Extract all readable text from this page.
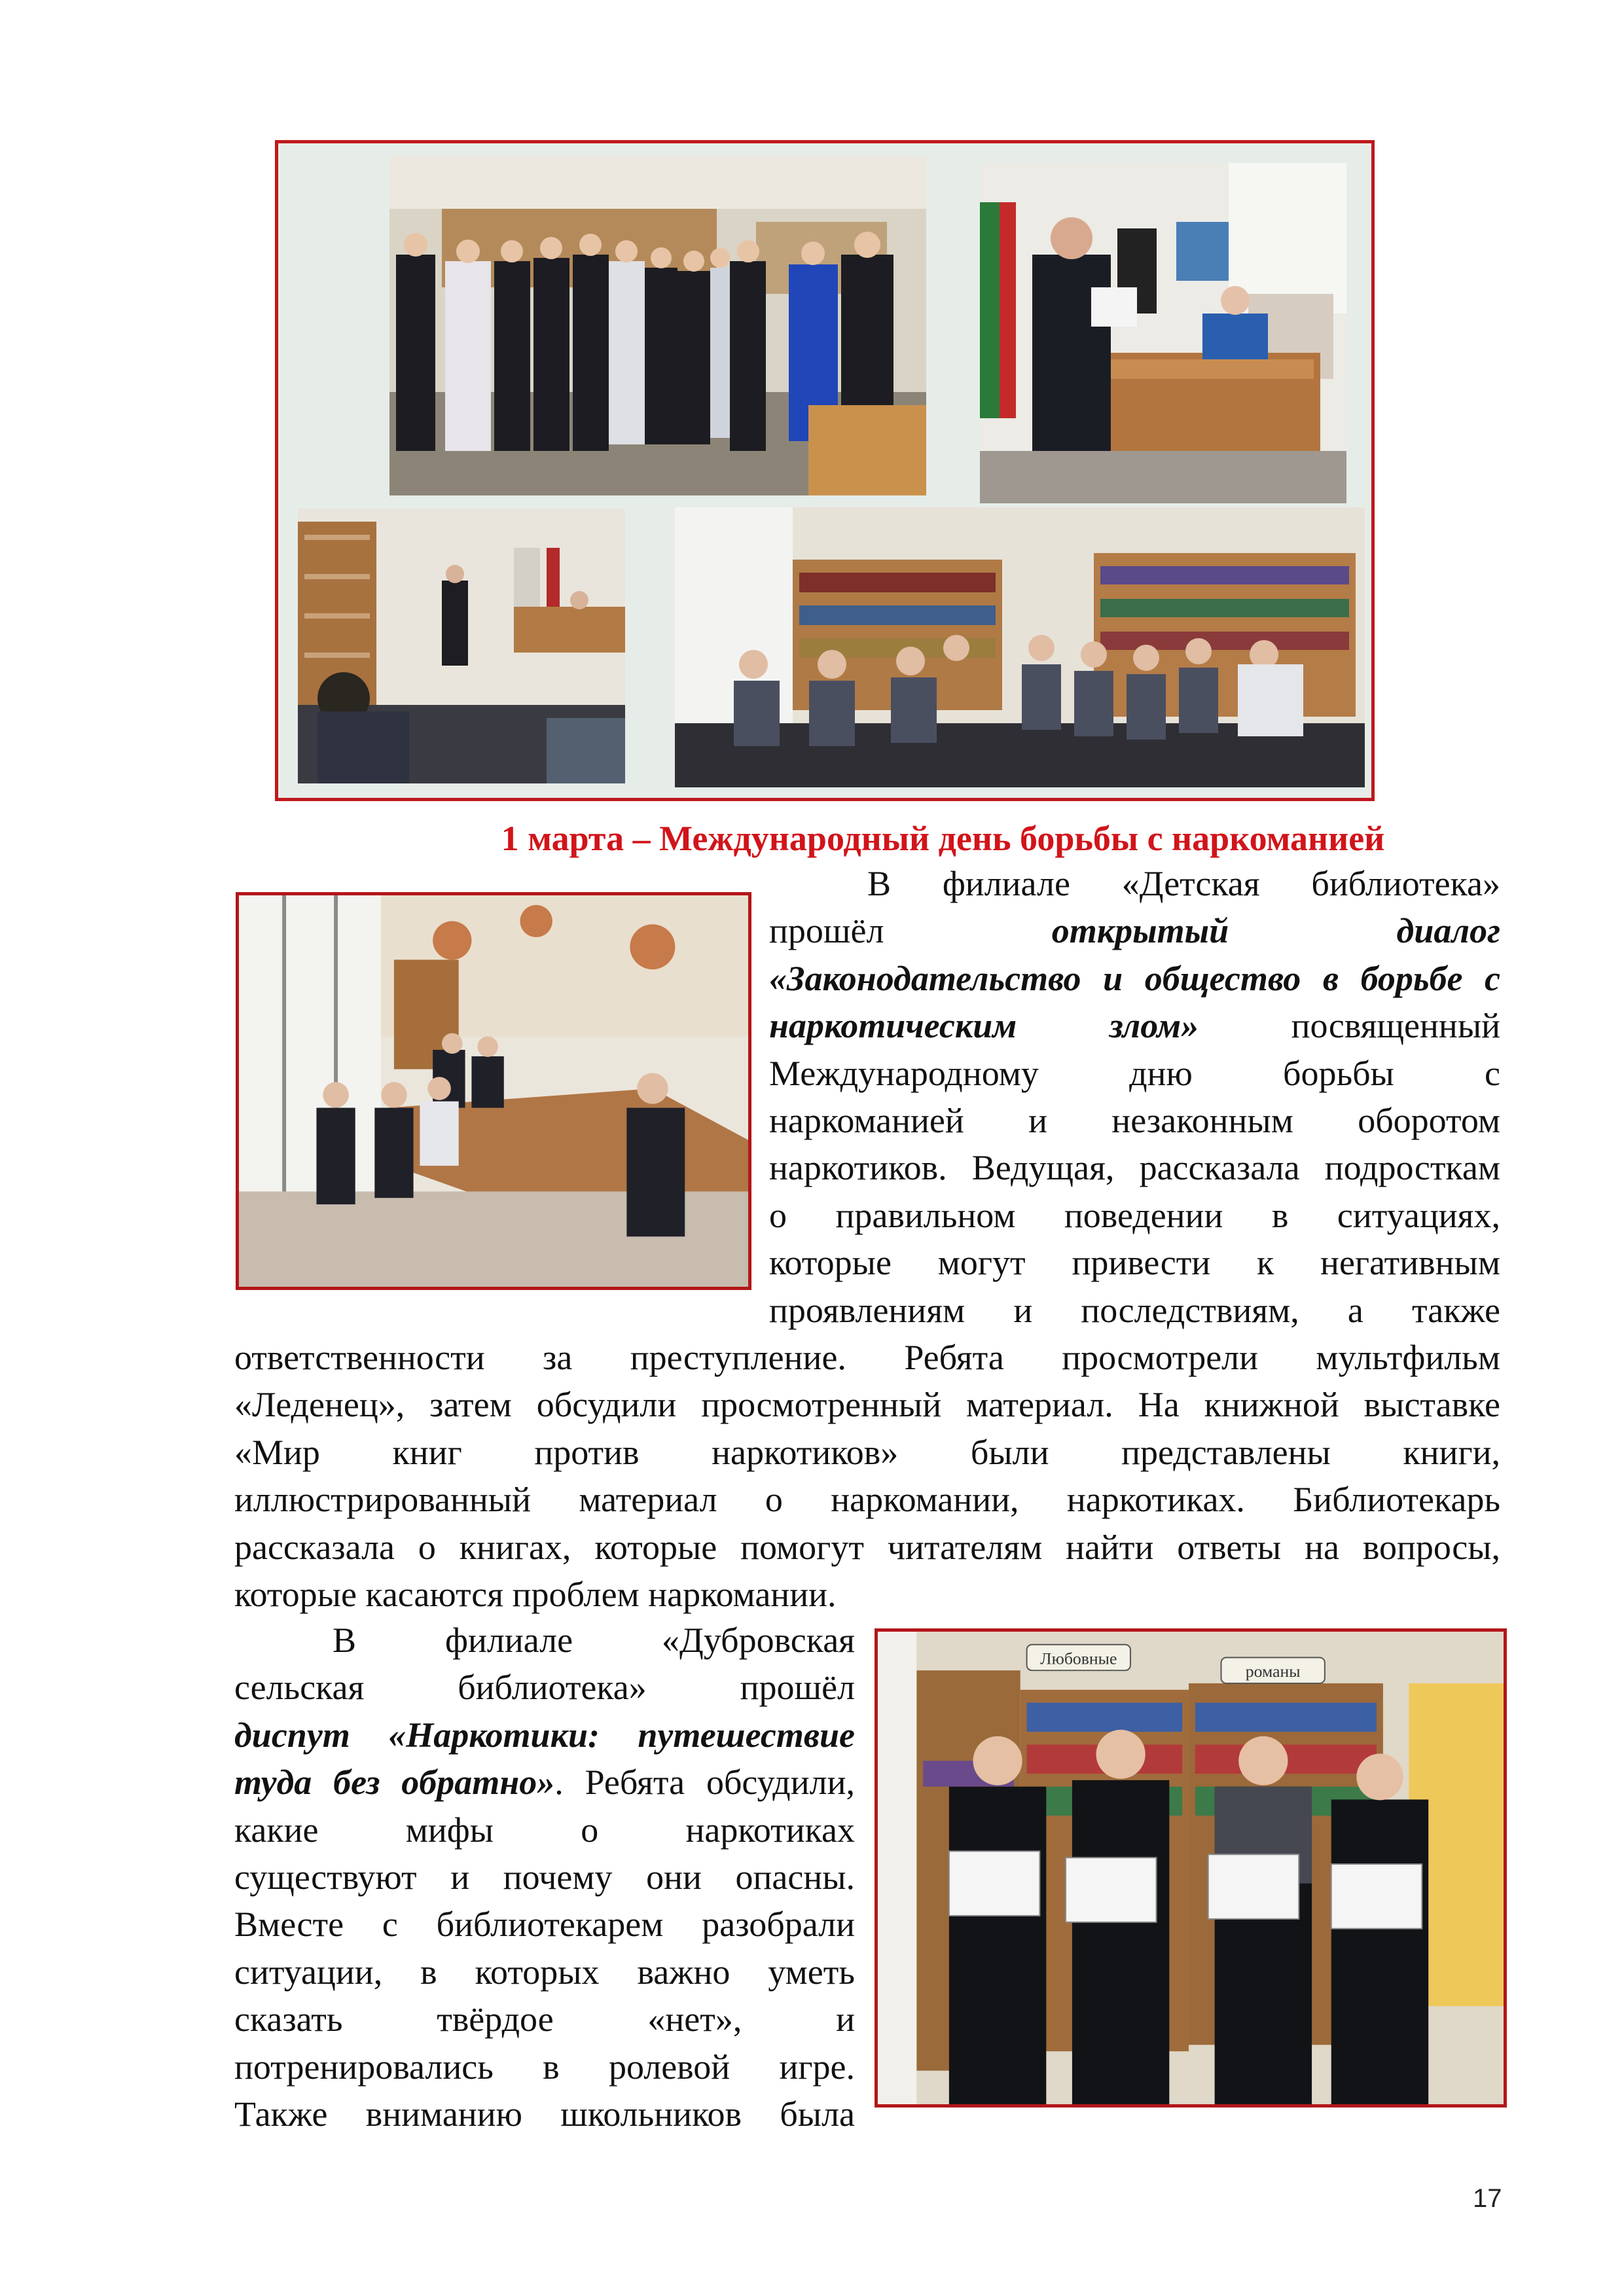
1 марта – Международный день борьбы с наркоманией
В филиале «Детская библиотека»
прошёл	открытый	диалог
«Законодательство и общество в борьбе с
наркотическим	злом»	посвященный
Международному дню борьбы с
наркоманией и незаконным оборотом
наркотиков. Ведущая, рассказала подросткам
о правильном поведении в ситуациях,
которые могут привести к негативным
проявлениям и последствиям, а также
ответственности за преступление. Ребята просмотрели мультфильм
«Леденец», затем обсудили просмотренный материал. На книжной выставке
«Мир книг против наркотиков» были представлены книги,
иллюстрированный материал о наркомании, наркотиках. Библиотекарь
рассказала о книгах, которые помогут читателям найти ответы на вопросы,
которые касаются проблем наркомании.
В филиале «Дубровская
сельская библиотека» прошёл
диспут «Наркотики: путешествие
туда без обратно». Ребята обсудили,
какие мифы о наркотиках
существуют и почему они опасны.
Вместе с библиотекарем разобрали
ситуации, в которых важно уметь
сказать твёрдое «нет», и
потренировались в ролевой игре.
Также вниманию школьников была
Любовные
романы
17
